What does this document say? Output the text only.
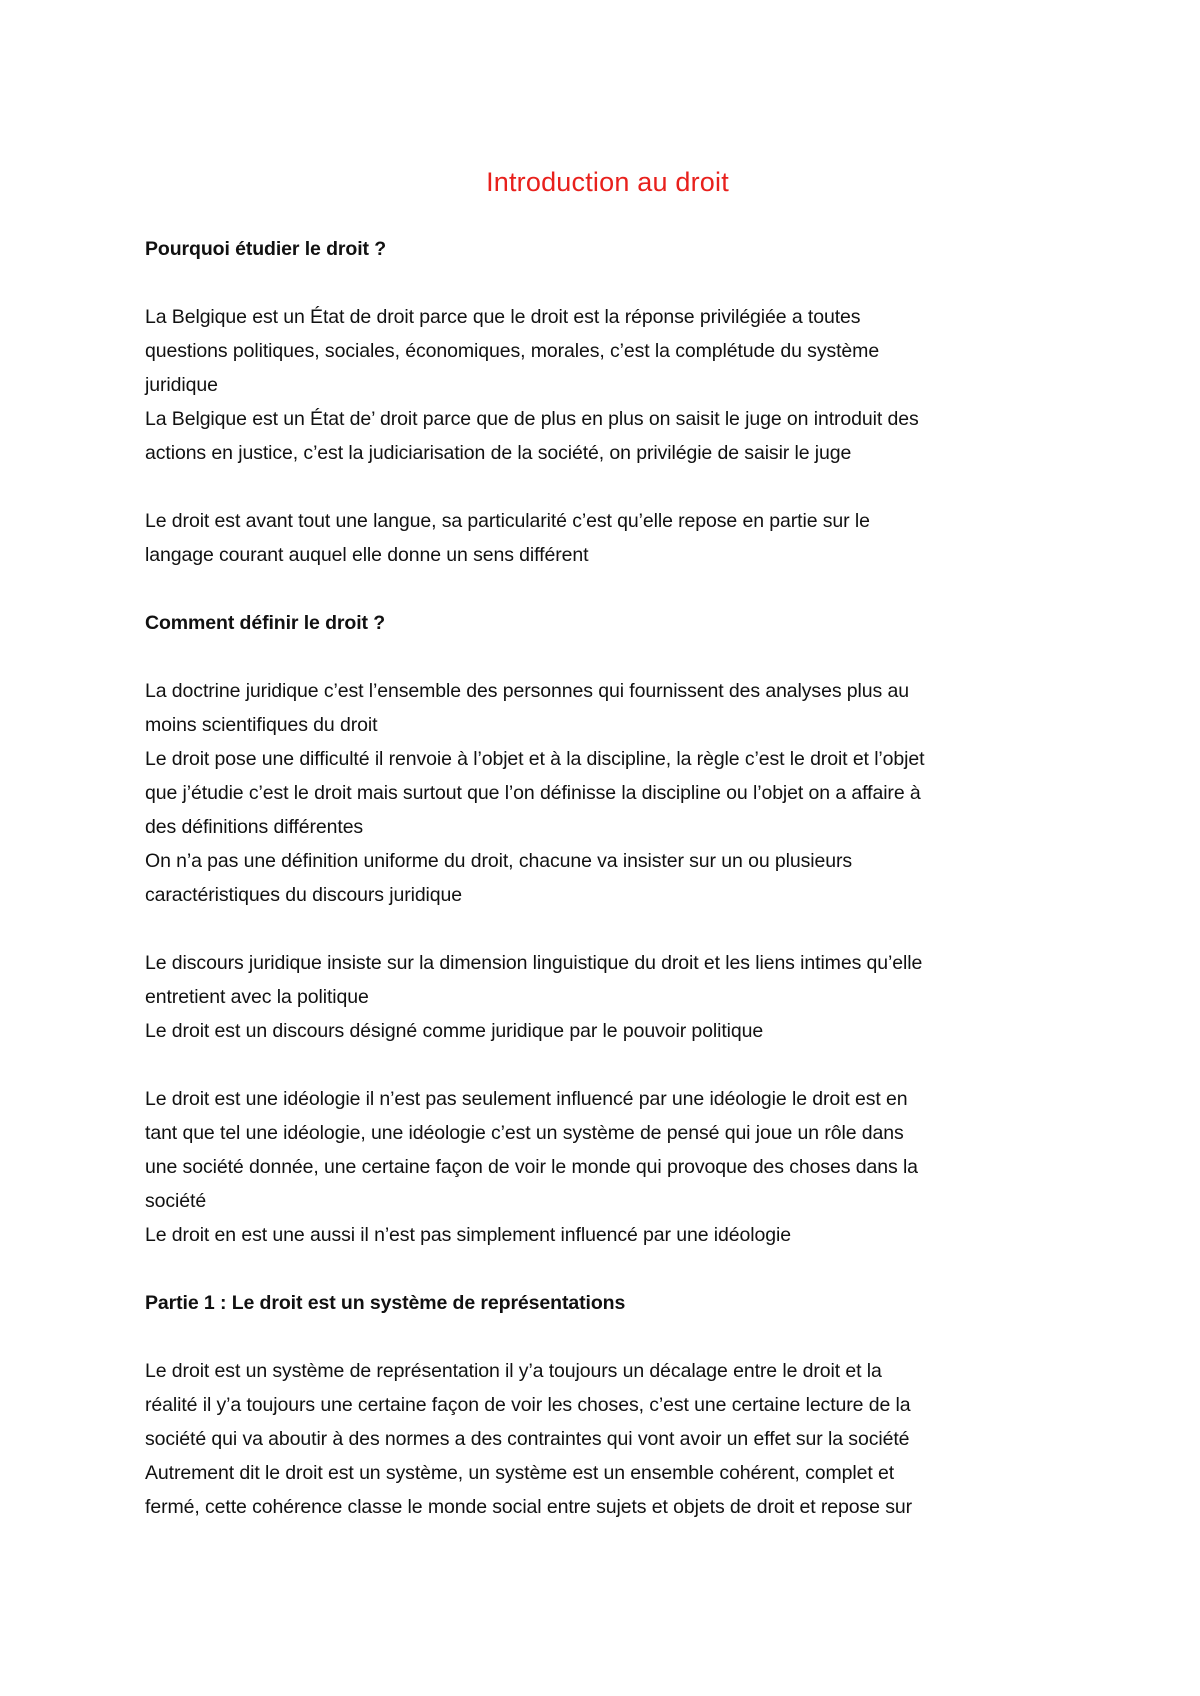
Introduction au droit
Pourquoi étudier le droit ?
La Belgique est un État de droit parce que le droit est la réponse privilégiée a toutes
questions politiques, sociales, économiques, morales, c’est la complétude du système
juridique
La Belgique est un État de’ droit parce que de plus en plus on saisit le juge on introduit des
actions en justice, c’est la judiciarisation de la société, on privilégie de saisir le juge
Le droit est avant tout une langue, sa particularité c’est qu’elle repose en partie sur le
langage courant auquel elle donne un sens différent
Comment définir le droit ?
La doctrine juridique c’est l’ensemble des personnes qui fournissent des analyses plus au
moins scientifiques du droit
Le droit pose une difficulté il renvoie à l’objet et à la discipline, la règle c’est le droit et l’objet
que j’étudie c’est le droit mais surtout que l’on définisse la discipline ou l’objet on a affaire à
des définitions différentes
On n’a pas une définition uniforme du droit, chacune va insister sur un ou plusieurs
caractéristiques du discours juridique
Le discours juridique insiste sur la dimension linguistique du droit et les liens intimes qu’elle
entretient avec la politique
Le droit est un discours désigné comme juridique par le pouvoir politique
Le droit est une idéologie il n’est pas seulement influencé par une idéologie le droit est en
tant que tel une idéologie, une idéologie c’est un système de pensé qui joue un rôle dans
une société donnée, une certaine façon de voir le monde qui provoque des choses dans la
société
Le droit en est une aussi il n’est pas simplement influencé par une idéologie
Partie 1 : Le droit est un système de représentations
Le droit est un système de représentation il y’a toujours un décalage entre le droit et la
réalité il y’a toujours une certaine façon de voir les choses, c’est une certaine lecture de la
société qui va aboutir à des normes a des contraintes qui vont avoir un effet sur la société
Autrement dit le droit est un système, un système est un ensemble cohérent, complet et
fermé, cette cohérence classe le monde social entre sujets et objets de droit et repose sur
